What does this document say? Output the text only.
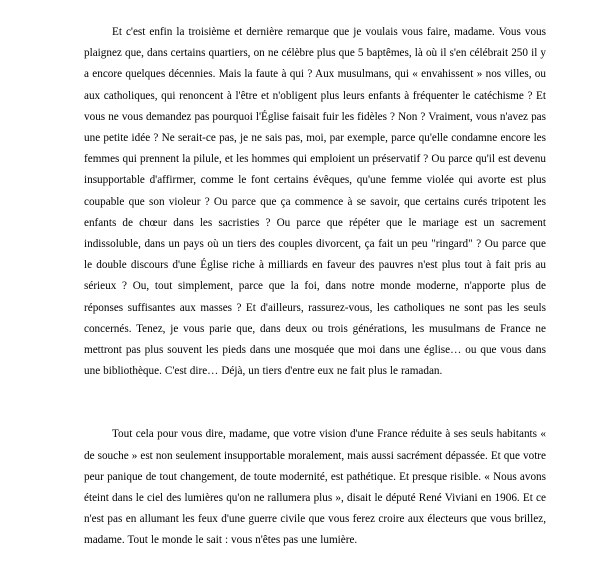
Et c'est enfin la troisième et dernière remarque que je voulais vous faire, madame. Vous vous plaignez que, dans certains quartiers, on ne célèbre plus que 5 baptêmes, là où il s'en célébrait 250 il y a encore quelques décennies. Mais la faute à qui ? Aux musulmans, qui « envahissent » nos villes, ou aux catholiques, qui renoncent à l'être et n'obligent plus leurs enfants à fréquenter le catéchisme ? Et vous ne vous demandez pas pourquoi l'Église faisait fuir les fidèles ? Non ? Vraiment, vous n'avez pas une petite idée ? Ne serait-ce pas, je ne sais pas, moi, par exemple, parce qu'elle condamne encore les femmes qui prennent la pilule, et les hommes qui emploient un préservatif ? Ou parce qu'il est devenu insupportable d'affirmer, comme le font certains évêques, qu'une femme violée qui avorte est plus coupable que son violeur ? Ou parce que ça commence à se savoir, que certains curés tripotent les enfants de chœur dans les sacristies ? Ou parce que répéter que le mariage est un sacrement indissoluble, dans un pays où un tiers des couples divorcent, ça fait un peu "ringard" ? Ou parce que le double discours d'une Église riche à milliards en faveur des pauvres n'est plus tout à fait pris au sérieux ? Ou, tout simplement, parce que la foi, dans notre monde moderne, n'apporte plus de réponses suffisantes aux masses ? Et d'ailleurs, rassurez-vous, les catholiques ne sont pas les seuls concernés. Tenez, je vous parie que, dans deux ou trois générations, les musulmans de France ne mettront pas plus souvent les pieds dans une mosquée que moi dans une église… ou que vous dans une bibliothèque. C'est dire… Déjà, un tiers d'entre eux ne fait plus le ramadan.

Tout cela pour vous dire, madame, que votre vision d'une France réduite à ses seuls habitants « de souche » est non seulement insupportable moralement, mais aussi sacrément dépassée. Et que votre peur panique de tout changement, de toute modernité, est pathétique. Et presque risible. « Nous avons éteint dans le ciel des lumières qu'on ne rallumera plus », disait le député René Viviani en 1906. Et ce n'est pas en allumant les feux d'une guerre civile que vous ferez croire aux électeurs que vous brillez, madame. Tout le monde le sait : vous n'êtes pas une lumière.
